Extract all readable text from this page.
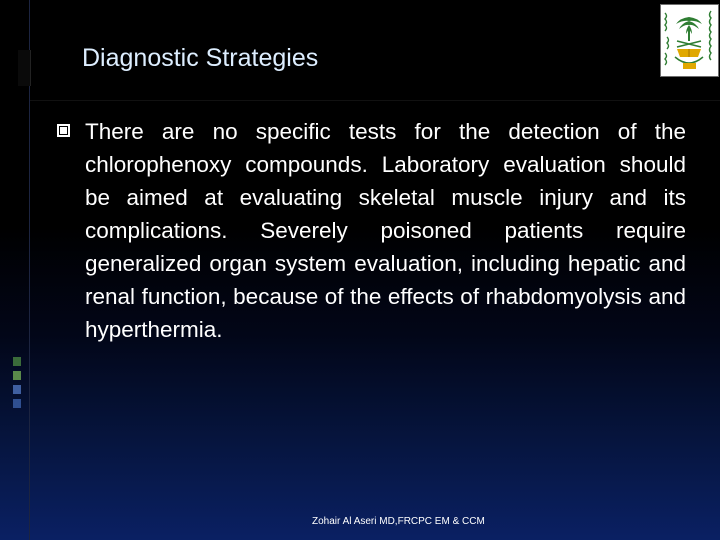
Diagnostic Strategies

There are no specific tests for the detection of the chlorophenoxy compounds. Laboratory evaluation should be aimed at evaluating skeletal muscle injury and its complications. Severely poisoned patients require generalized organ system evaluation, including hepatic and renal function, because of the effects of rhabdomyolysis and hyperthermia.

Zohair Al Aseri MD,FRCPC EM & CCM
